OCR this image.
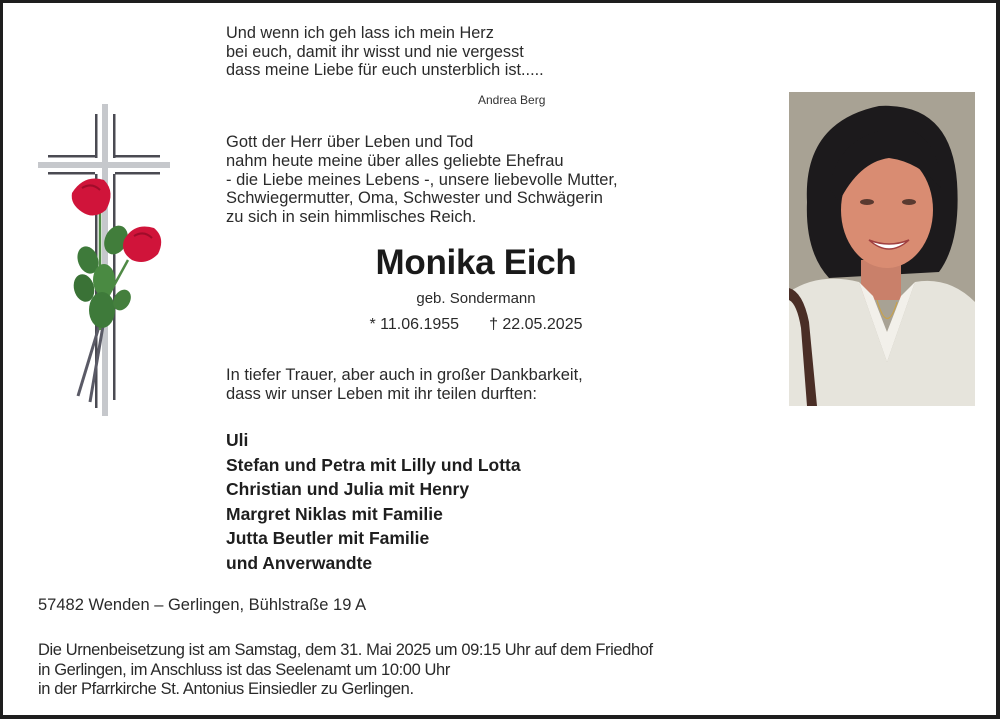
Und wenn ich geh lass ich mein Herz
bei euch, damit ihr wisst und nie vergesst
dass meine Liebe für euch unsterblich ist.....
Andrea Berg
Gott der Herr über Leben und Tod
nahm heute meine über alles geliebte Ehefrau
- die Liebe meines Lebens -, unsere liebevolle Mutter,
Schwiegermutter, Oma, Schwester und Schwägerin
zu sich in sein himmlisches Reich.
Monika Eich
geb. Sondermann
* 11.06.1955 † 22.05.2025
In tiefer Trauer, aber auch in großer Dankbarkeit,
dass wir unser Leben mit ihr teilen durften:
Uli
Stefan und Petra mit Lilly und Lotta
Christian und Julia mit Henry
Margret Niklas mit Familie
Jutta Beutler mit Familie
und Anverwandte
57482 Wenden – Gerlingen, Bühlstraße 19 A
Die Urnenbeisetzung ist am Samstag, dem 31. Mai 2025 um 09:15 Uhr auf dem Friedhof
in Gerlingen, im Anschluss ist das Seelenamt um 10:00 Uhr
in der Pfarrkirche St. Antonius Einsiedler zu Gerlingen.
